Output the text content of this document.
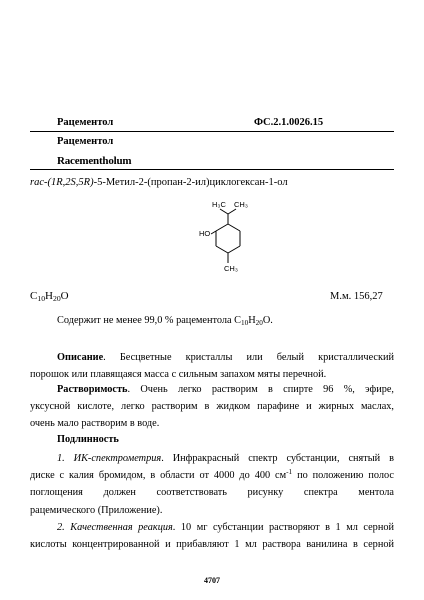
Рацементол	ФС.2.1.0026.15
Рацементол
Racementholum
rac-(1R,2S,5R)-5-Метил-2-(пропан-2-ил)циклогексан-1-ол
H₃C CH₃
HO
CH₃
$C_{10}H_{20}O$	М.м. 156,27
Содержит не менее 99,0 % рацементола $C_{10}H_{20}O$.
Описание. Бесцветные кристаллы или белый кристаллический
порошок или плавящаяся масса с сильным запахом мяты перечной.
Растворимость. Очень легко растворим в спирте 96 %, эфире,
уксусной кислоте, легко растворим в жидком парафине и жирных маслах,
очень мало растворим в воде.
Подлинность
1. ИК-спектрометрия. Инфракрасный спектр субстанции, снятый в
диске с калия бромидом, в области от 4000 до 400 $см^{-1}$ по положению полос
поглощения должен соответствовать рисунку спектра ментола
рацемического (Приложение).
2. Качественная реакция. 10 мг субстанции растворяют в 1 мл серной
кислоты концентрированной и прибавляют 1 мл раствора ванилина в серной
4707
